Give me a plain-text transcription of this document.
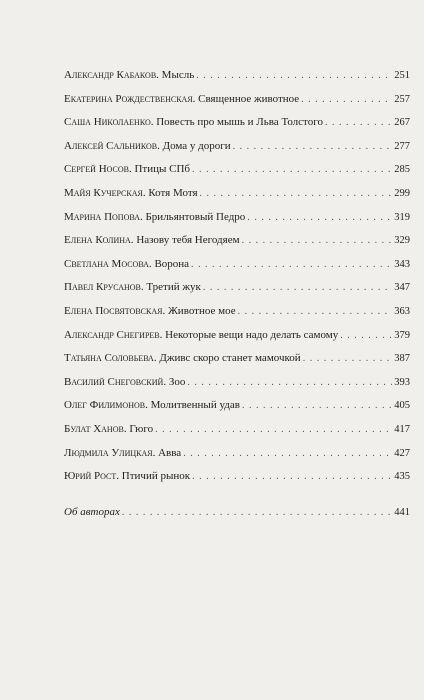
Александр Кабаков. Мысль . . .	251
Екатерина Рождественская. Священное животное . . .	257
Саша Николаенко. Повесть про мышь и Льва Толстого . . .	267
Алексей Сальников. Дома у дороги . . .	277
Сергей Носов. Птицы СПб . . .	285
Майя Кучерская. Котя Мотя . . .	299
Марина Попова. Брильянтовый Педро . . .	319
Елена Колина. Назову тебя Негодяем . . .	329
Светлана Мосова. Ворона . . .	343
Павел Крусанов. Третий жук . . .	347
Елена Посвятовская. Животное мое . . .	363
Александр Снегирев. Некоторые вещи надо делать самому . . .	379
Татьяна Соловьева. Дживс скоро станет мамочкой . . .	387
Василий Снеговский. Зоо . . .	393
Олег Филимонов. Молитвенный удав . . .	405
Булат Ханов. Гюго . . .	417
Людмила Улицкая. Авва . . .	427
Юрий Рост. Птичий рынок . . .	435
Об авторах . . .	441
